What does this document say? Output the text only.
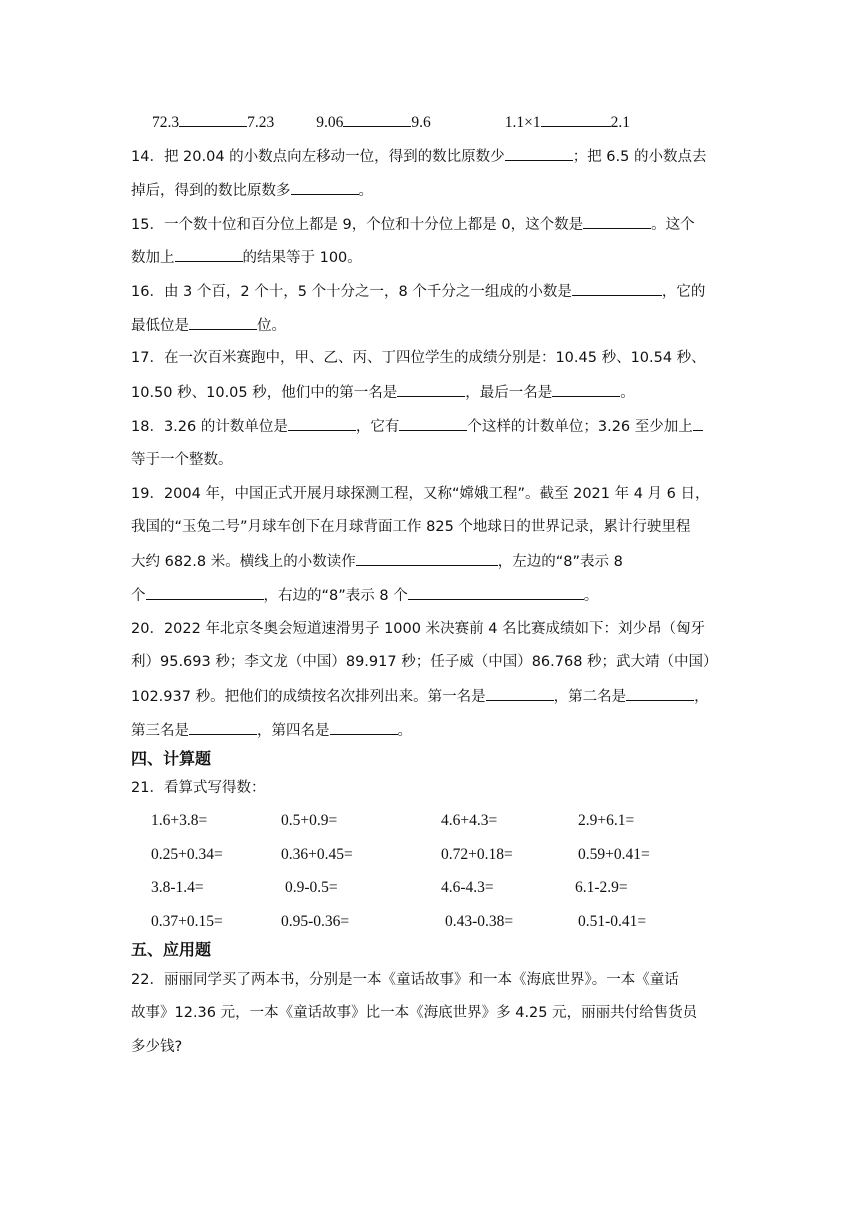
72.3	7.23	9.06	9.6	1.1×1	2.1
14．把 20.04 的小数点向左移动一位，得到的数比原数少	；把 6.5 的小数点去
掉后，得到的数比原数多	。
15．一个数十位和百分位上都是 9，个位和十分位上都是 0，这个数是	。这个
数加上	的结果等于 100。
16．由 3 个百，2 个十，5 个十分之一，8 个千分之一组成的小数是	，它的
最低位是	位。
17．在一次百米赛跑中，甲、乙、丙、丁四位学生的成绩分别是：10.45 秒、10.54 秒、
10.50 秒、10.05 秒，他们中的第一名是	，最后一名是	。
18．3.26 的计数单位是	，它有	个这样的计数单位；3.26 至少加上
等于一个整数。
19．2004 年，中国正式开展月球探测工程，又称“嫦娥工程”。截至 2021 年 4 月 6 日，
我国的“玉兔二号”月球车创下在月球背面工作 825 个地球日的世界记录，累计行驶里程
大约 682.8 米。横线上的小数读作	，左边的“8”表示 8
个	，右边的“8”表示 8 个	。
20．2022 年北京冬奥会短道速滑男子 1000 米决赛前 4 名比赛成绩如下：刘少昂（匈牙
利）95.693 秒；李文龙（中国）89.917 秒；任子威（中国）86.768 秒；武大靖（中国）
102.937 秒。把他们的成绩按名次排列出来。第一名是	，第二名是	，
第三名是	，第四名是	。
四、计算题
21．看算式写得数：
1.6+3.8=	0.5+0.9=	4.6+4.3=	2.9+6.1=
0.25+0.34=	0.36+0.45=	0.72+0.18=	0.59+0.41=
3.8-1.4=	0.9-0.5=	4.6-4.3=	6.1-2.9=
0.37+0.15=	0.95-0.36=	0.43-0.38=	0.51-0.41=
五、应用题
22．丽丽同学买了两本书，分别是一本《童话故事》和一本《海底世界》。一本《童话
故事》12.36 元，一本《童话故事》比一本《海底世界》多 4.25 元，丽丽共付给售货员
多少钱?
